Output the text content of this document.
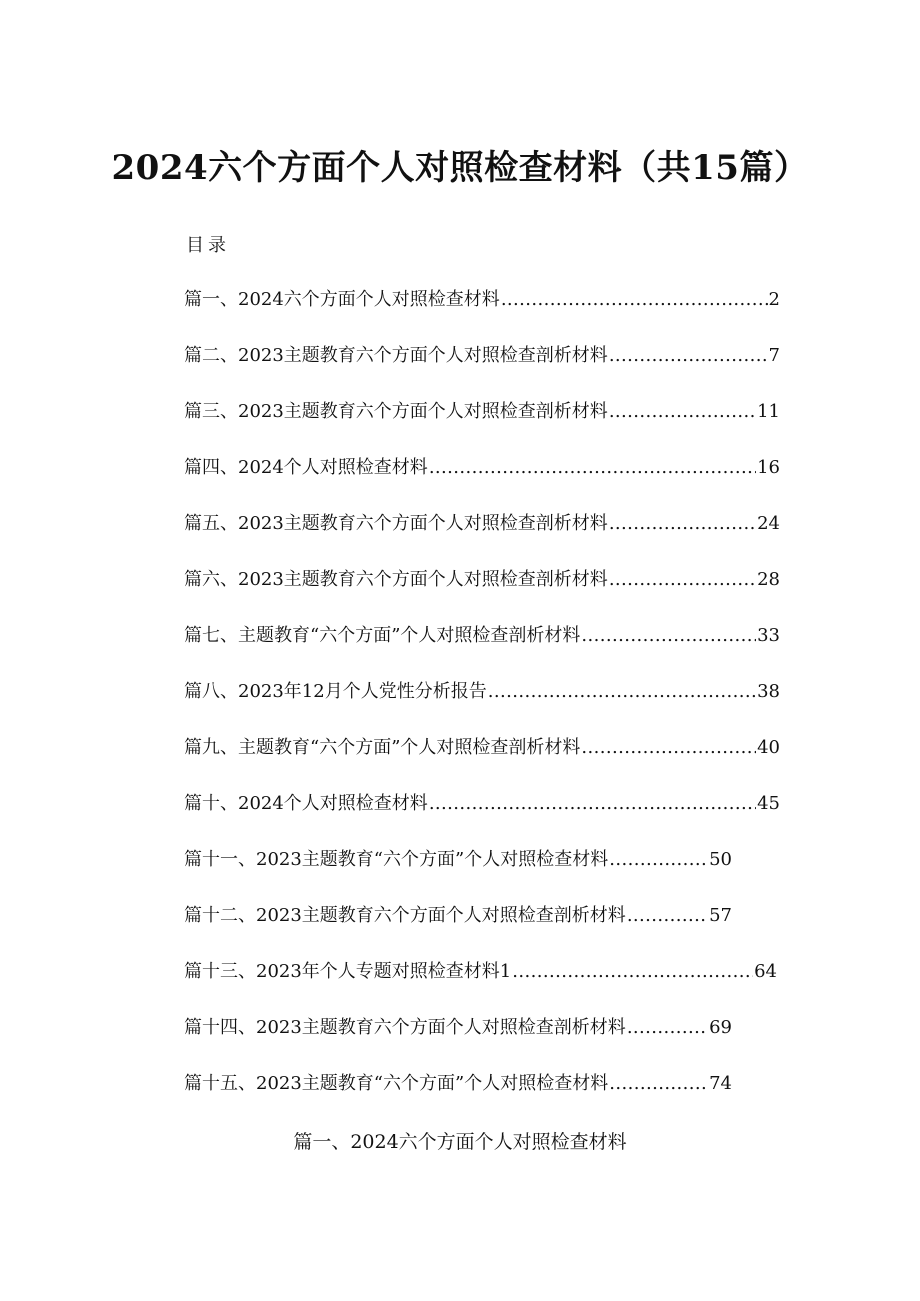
2024六个方面个人对照检查材料（共15篇）
目录
篇一、2024六个方面个人对照检查材料 .....	2
篇二、2023主题教育六个方面个人对照检查剖析材料 .....	7
篇三、2023主题教育六个方面个人对照检查剖析材料 .....	11
篇四、2024个人对照检查材料 .....	16
篇五、2023主题教育六个方面个人对照检查剖析材料 .....	24
篇六、2023主题教育六个方面个人对照检查剖析材料 .....	28
篇七、主题教育“六个方面”个人对照检查剖析材料 .....	33
篇八、2023年12月个人党性分析报告 .....	38
篇九、主题教育“六个方面”个人对照检查剖析材料 .....	40
篇十、2024个人对照检查材料 .....	45
篇十一、2023主题教育“六个方面”个人对照检查材料 .....	50
篇十二、2023主题教育六个方面个人对照检查剖析材料 .....	57
篇十三、2023年个人专题对照检查材料1 .....	64
篇十四、2023主题教育六个方面个人对照检查剖析材料 .....	69
篇十五、2023主题教育“六个方面”个人对照检查材料 .....	74
篇一、2024六个方面个人对照检查材料
